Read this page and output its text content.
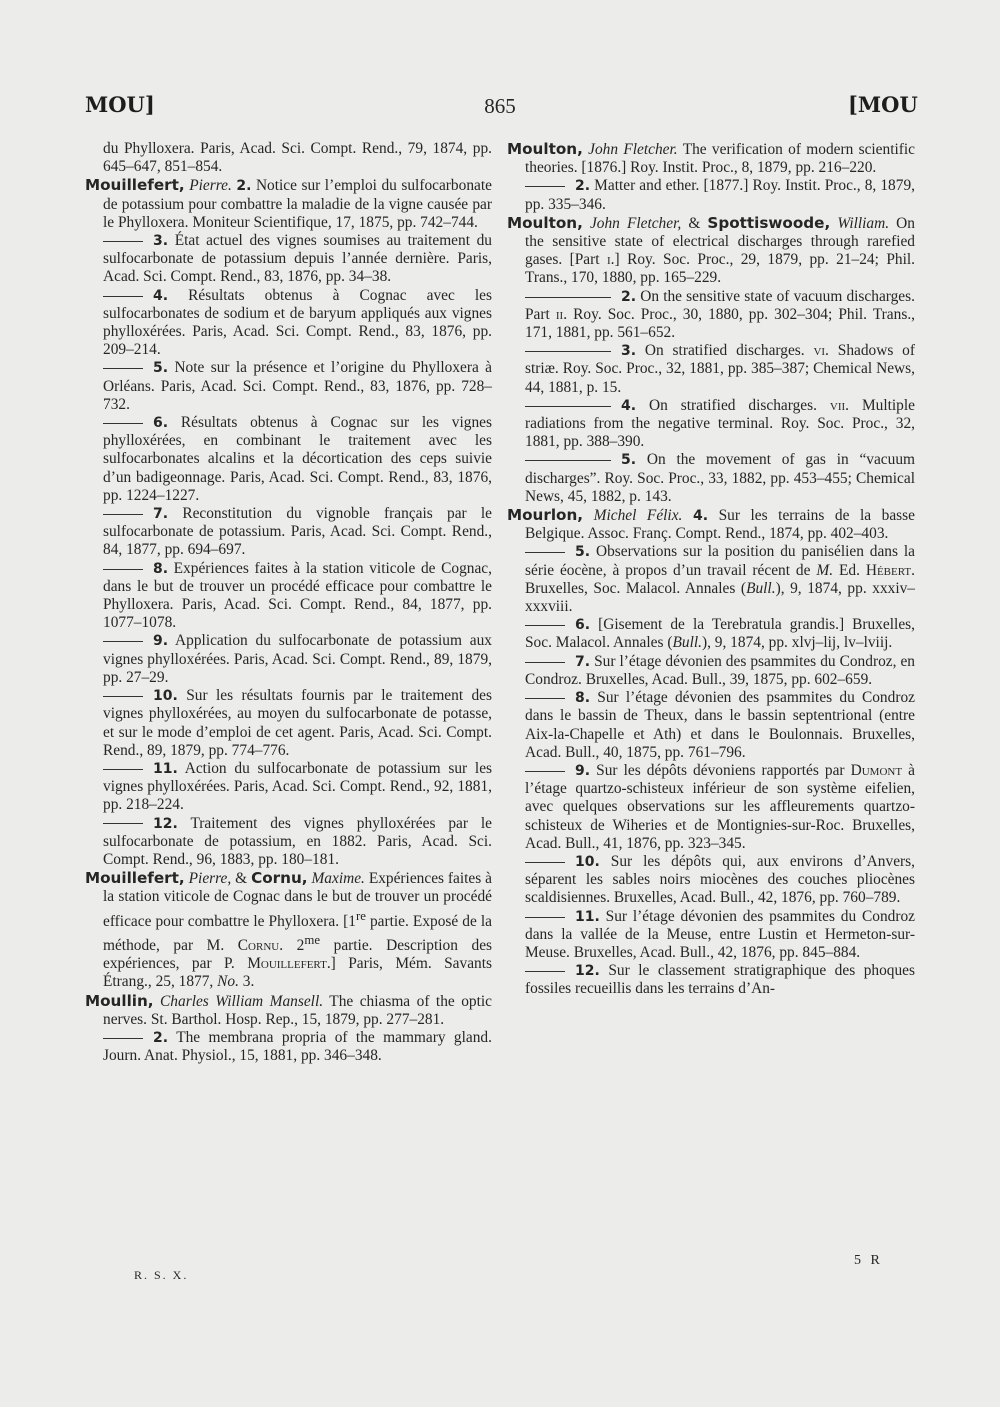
MOU]	865	[MOU

du Phylloxera. Paris, Acad. Sci. Compt. Rend., 79, 1874, pp. 645–647, 851–854.

Mouillefert, Pierre. 2. Notice sur l’emploi du sulfocarbonate de potassium pour combattre la maladie de la vigne causée par le Phylloxera. Moniteur Scientifique, 17, 1875, pp. 742–744.

3. État actuel des vignes soumises au traitement du sulfocarbonate de potassium depuis l’année dernière. Paris, Acad. Sci. Compt. Rend., 83, 1876, pp. 34–38.

4. Résultats obtenus à Cognac avec les sulfocarbonates de sodium et de baryum appliqués aux vignes phylloxérées. Paris, Acad. Sci. Compt. Rend., 83, 1876, pp. 209–214.

5. Note sur la présence et l’origine du Phylloxera à Orléans. Paris, Acad. Sci. Compt. Rend., 83, 1876, pp. 728–732.

6. Résultats obtenus à Cognac sur les vignes phylloxérées, en combinant le traitement avec les sulfocarbonates alcalins et la décortication des ceps suivie d’un badigeonnage. Paris, Acad. Sci. Compt. Rend., 83, 1876, pp. 1224–1227.

7. Reconstitution du vignoble français par le sulfocarbonate de potassium. Paris, Acad. Sci. Compt. Rend., 84, 1877, pp. 694–697.

8. Expériences faites à la station viticole de Cognac, dans le but de trouver un procédé efficace pour combattre le Phylloxera. Paris, Acad. Sci. Compt. Rend., 84, 1877, pp. 1077–1078.

9. Application du sulfocarbonate de potassium aux vignes phylloxérées. Paris, Acad. Sci. Compt. Rend., 89, 1879, pp. 27–29.

10. Sur les résultats fournis par le traitement des vignes phylloxérées, au moyen du sulfocarbonate de potasse, et sur le mode d’emploi de cet agent. Paris, Acad. Sci. Compt. Rend., 89, 1879, pp. 774–776.

11. Action du sulfocarbonate de potassium sur les vignes phylloxérées. Paris, Acad. Sci. Compt. Rend., 92, 1881, pp. 218–224.

12. Traitement des vignes phylloxérées par le sulfocarbonate de potassium, en 1882. Paris, Acad. Sci. Compt. Rend., 96, 1883, pp. 180–181.

Mouillefert, Pierre, & Cornu, Maxime. Expériences faites à la station viticole de Cognac dans le but de trouver un procédé efficace pour combattre le Phylloxera. [1re partie. Exposé de la méthode, par M. Cornu. $2^{me}$ partie. Description des expériences, par P. Mouillefert.] Paris, Mém. Savants Étrang., 25, 1877, No. 3.

Moullin, Charles William Mansell. The chiasma of the optic nerves. St. Barthol. Hosp. Rep., 15, 1879, pp. 277–281.

2. The membrana propria of the mammary gland. Journ. Anat. Physiol., 15, 1881, pp. 346–348.

Moulton, John Fletcher. The verification of modern scientific theories. [1876.] Roy. Instit. Proc., 8, 1879, pp. 216–220.

2. Matter and ether. [1877.] Roy. Instit. Proc., 8, 1879, pp. 335–346.

Moulton, John Fletcher, & Spottiswoode, William. On the sensitive state of electrical discharges through rarefied gases. [Part i.] Roy. Soc. Proc., 29, 1879, pp. 21–24; Phil. Trans., 170, 1880, pp. 165–229.

2. On the sensitive state of vacuum discharges. Part ii. Roy. Soc. Proc., 30, 1880, pp. 302–304; Phil. Trans., 171, 1881, pp. 561–652.

3. On stratified discharges. vi. Shadows of striæ. Roy. Soc. Proc., 32, 1881, pp. 385–387; Chemical News, 44, 1881, p. 15.

4. On stratified discharges. vii. Multiple radiations from the negative terminal. Roy. Soc. Proc., 32, 1881, pp. 388–390.

5. On the movement of gas in “vacuum discharges”. Roy. Soc. Proc., 33, 1882, pp. 453–455; Chemical News, 45, 1882, p. 143.

Mourlon, Michel Félix. 4. Sur les terrains de la basse Belgique. Assoc. Franç. Compt. Rend., 1874, pp. 402–403.

5. Observations sur la position du panisélien dans la série éocène, à propos d’un travail récent de M. Ed. Hébert. Bruxelles, Soc. Malacol. Annales (Bull.), 9, 1874, pp. xxxiv–xxxviii.

6. [Gisement de la Terebratula grandis.] Bruxelles, Soc. Malacol. Annales (Bull.), 9, 1874, pp. xlvj–lij, lv–lviij.

7. Sur l’étage dévonien des psammites du Condroz, en Condroz. Bruxelles, Acad. Bull., 39, 1875, pp. 602–659.

8. Sur l’étage dévonien des psammites du Condroz dans le bassin de Theux, dans le bassin septentrional (entre Aix-la-Chapelle et Ath) et dans le Boulonnais. Bruxelles, Acad. Bull., 40, 1875, pp. 761–796.

9. Sur les dépôts dévoniens rapportés par Dumont à l’étage quartzo-schisteux inférieur de son système eifelien, avec quelques observations sur les affleurements quartzo-schisteux de Wiheries et de Montignies-sur-Roc. Bruxelles, Acad. Bull., 41, 1876, pp. 323–345.

10. Sur les dépôts qui, aux environs d’Anvers, séparent les sables noirs miocènes des couches pliocènes scaldisiennes. Bruxelles, Acad. Bull., 42, 1876, pp. 760–789.

11. Sur l’étage dévonien des psammites du Condroz dans la vallée de la Meuse, entre Lustin et Hermeton-sur-Meuse. Bruxelles, Acad. Bull., 42, 1876, pp. 845–884.

12. Sur le classement stratigraphique des phoques fossiles recueillis dans les terrains d’An-

R. S. X.
5 R
